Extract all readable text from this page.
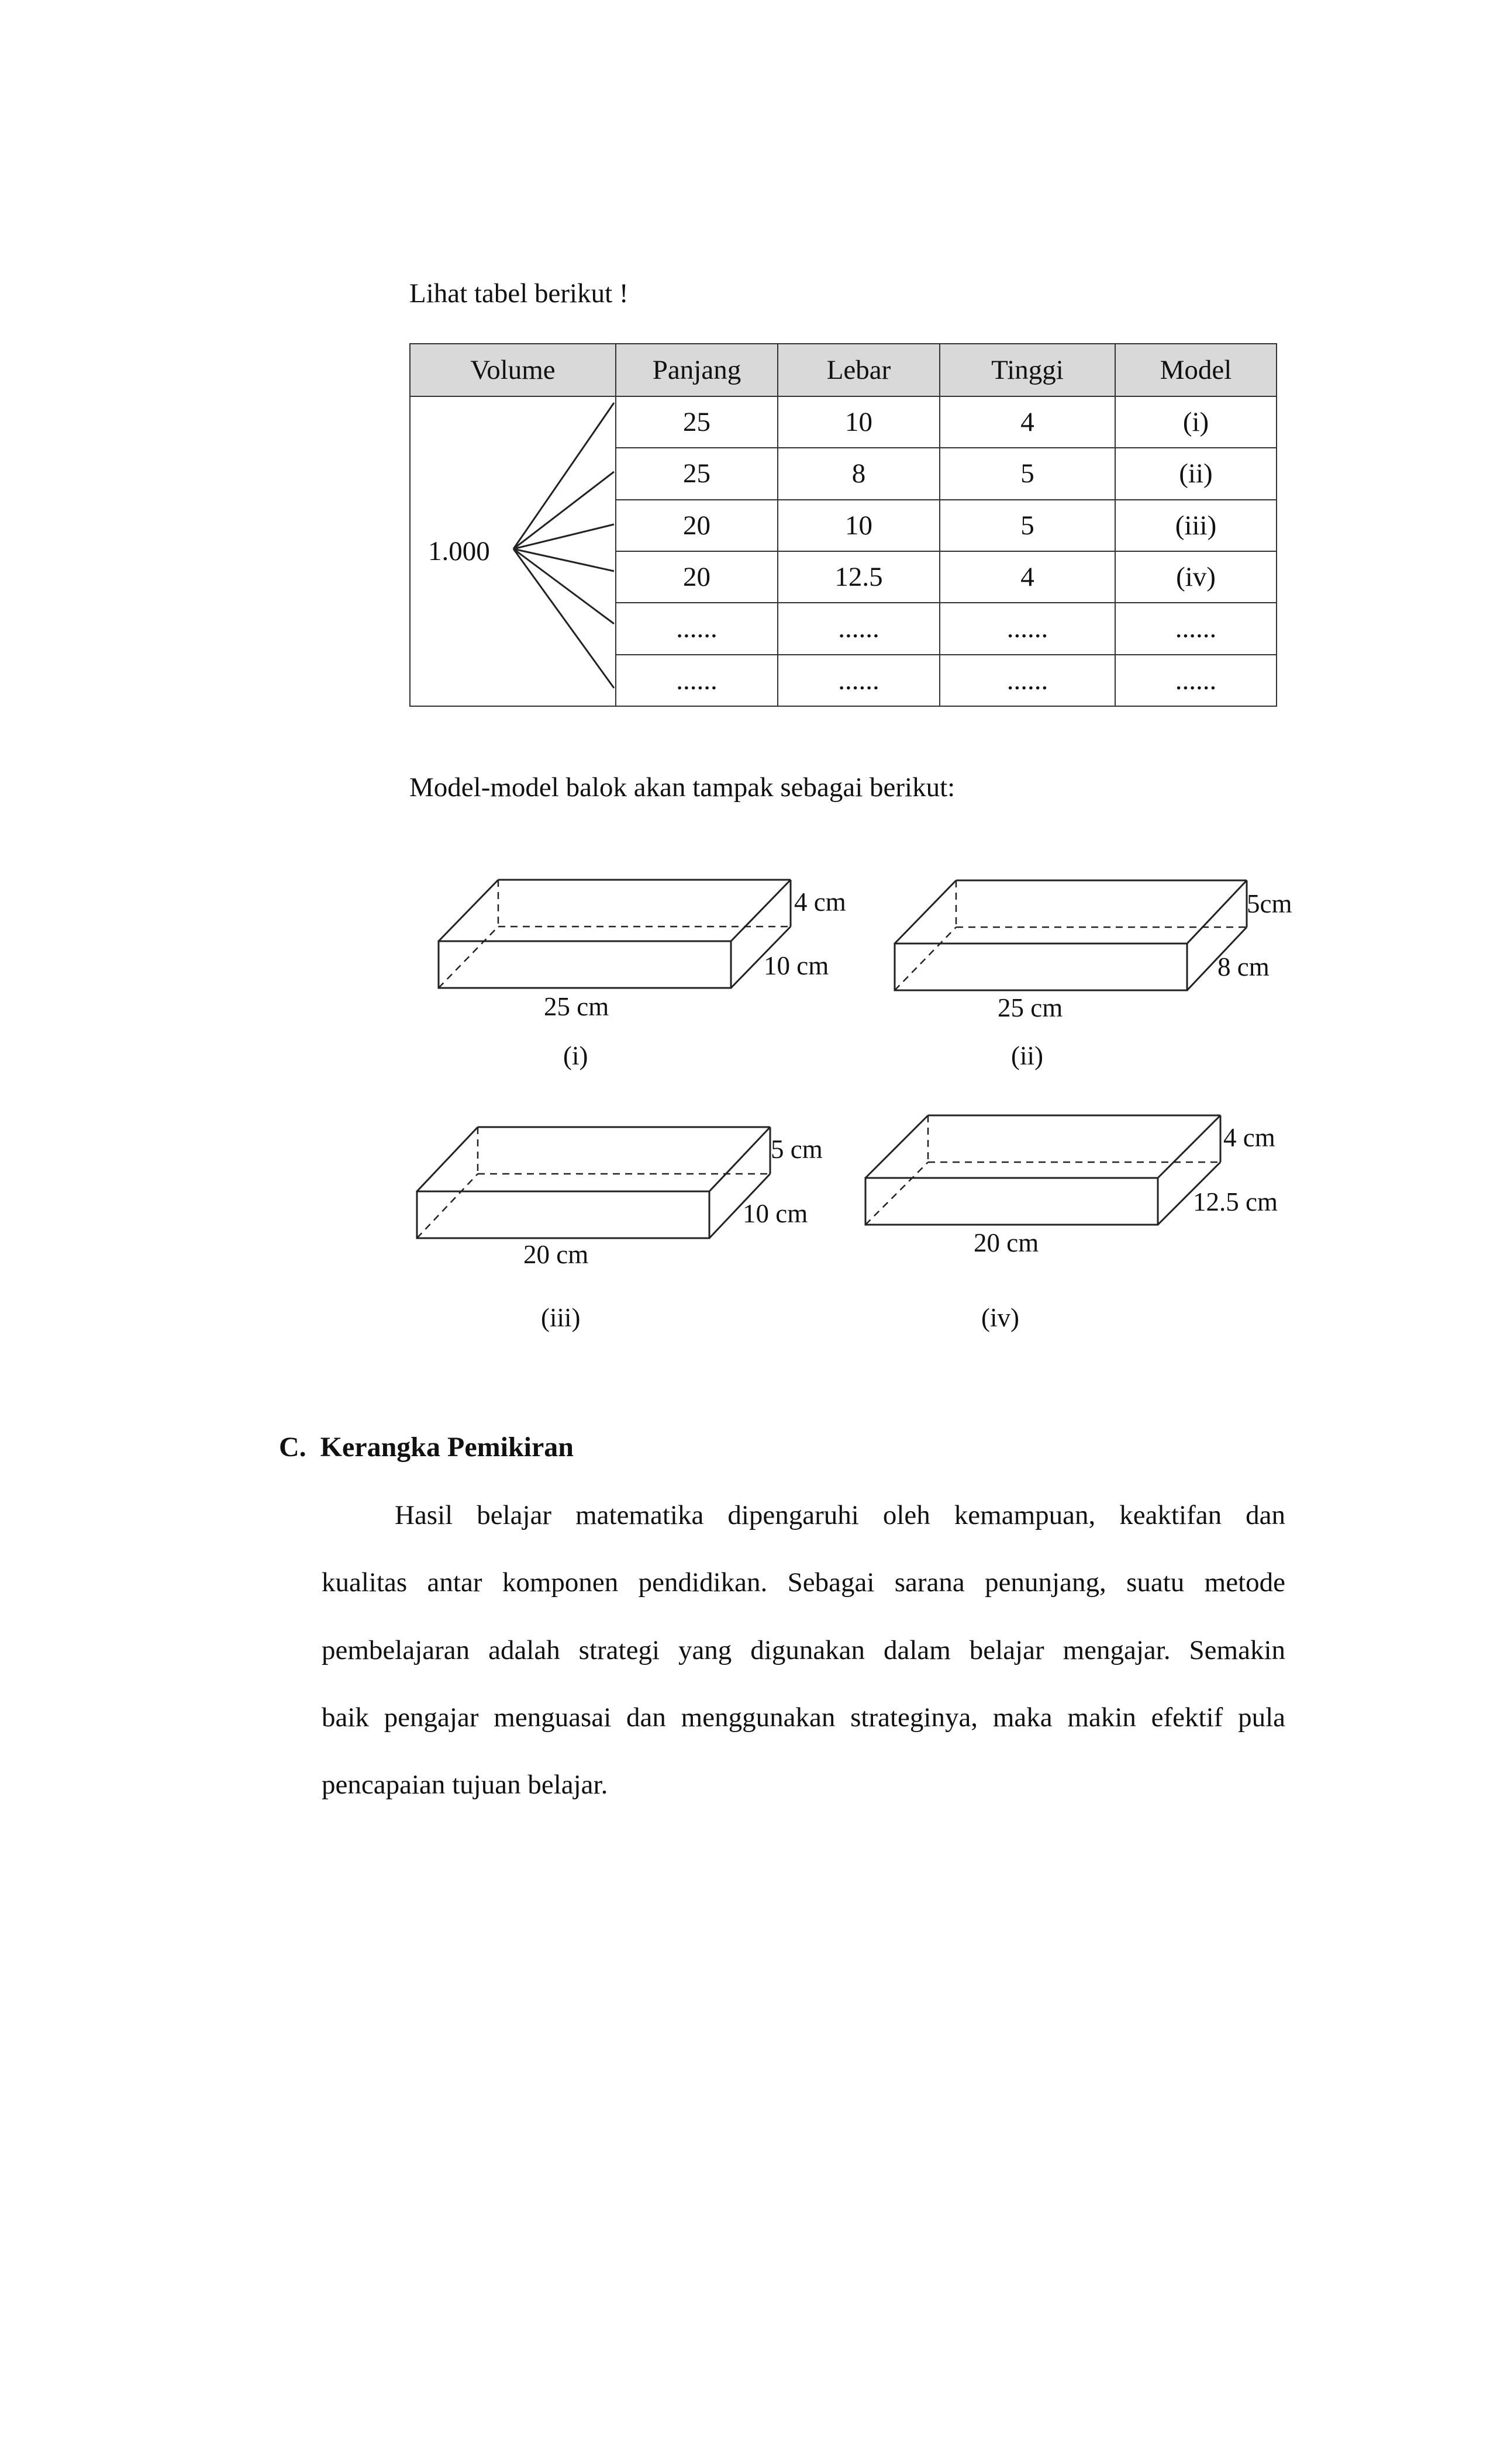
Lihat tabel berikut !
Volume	Panjang	Lebar	Tinggi	Model
1.000	25	10	4	(i)
	25	8	5	(ii)
	20	10	5	(iii)
	20	12.5	4	(iv)
	......	......	......	......
	......	......	......	......
Model-model balok akan tampak sebagai berikut:
4 cm
10 cm
25 cm
(i)
5cm
8 cm
25 cm
(ii)
5 cm
10 cm
20 cm
(iii)
4 cm
12.5 cm
20 cm
(iv)
C.  Kerangka Pemikiran
Hasil belajar matematika dipengaruhi oleh kemampuan, keaktifan dan
kualitas antar komponen pendidikan. Sebagai sarana penunjang, suatu metode
pembelajaran adalah strategi yang digunakan dalam belajar mengajar. Semakin
baik pengajar menguasai dan menggunakan strateginya, maka makin efektif pula
pencapaian tujuan belajar.
